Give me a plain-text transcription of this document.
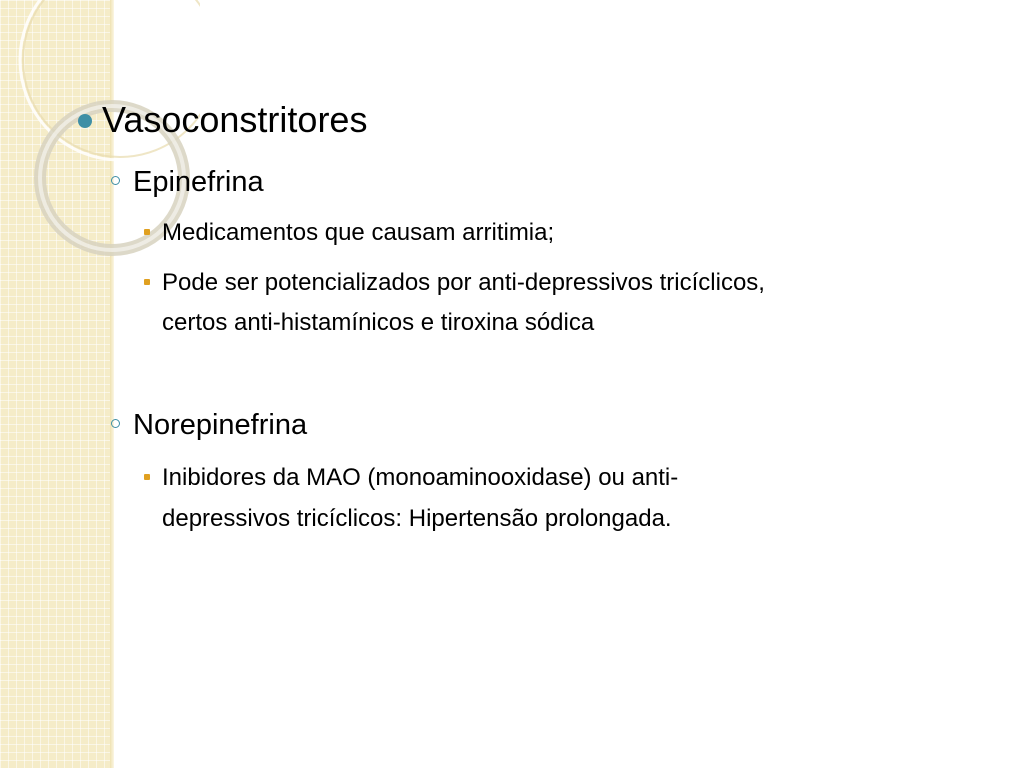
Vasoconstritores
Epinefrina
Medicamentos que causam arritimia;
Pode ser potencializados por anti-depressivos tricíclicos,
certos anti-histamínicos e tiroxina sódica
Norepinefrina
Inibidores da MAO (monoaminooxidase) ou anti-
depressivos tricíclicos: Hipertensão prolongada.
